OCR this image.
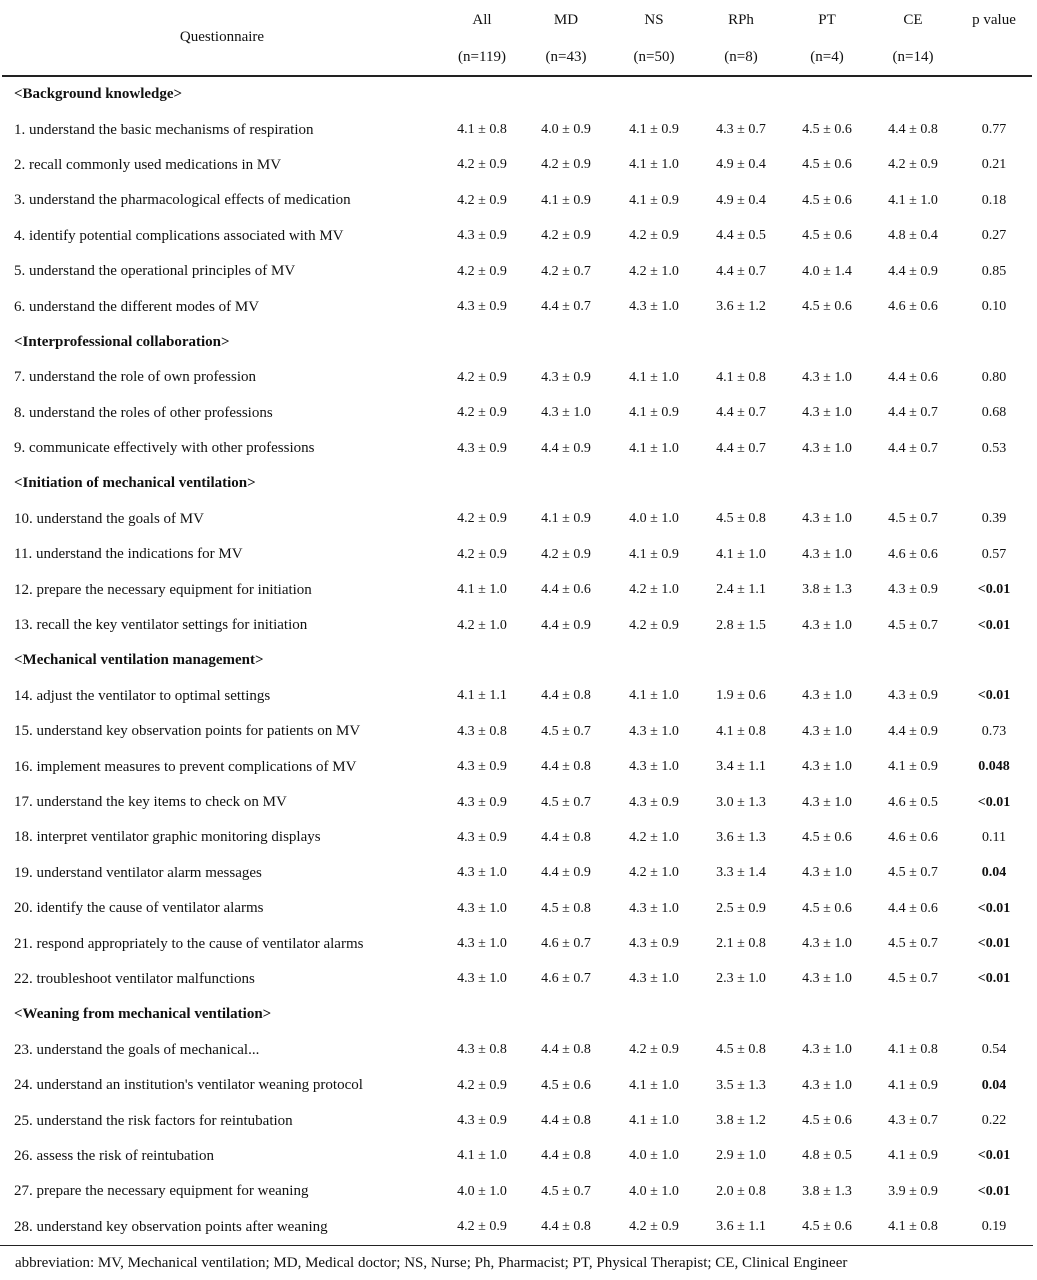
Questionnaire	All	MD	NS	RPh	PT	CE	p value
	(n=119)	(n=43)	(n=50)	(n=8)	(n=4)	(n=14)	
<Background knowledge>							
1. understand the basic mechanisms of respiration	4.1 ± 0.8	4.0 ± 0.9	4.1 ± 0.9	4.3 ± 0.7	4.5 ± 0.6	4.4 ± 0.8	0.77
2. recall commonly used medications in MV	4.2 ± 0.9	4.2 ± 0.9	4.1 ± 1.0	4.9 ± 0.4	4.5 ± 0.6	4.2 ± 0.9	0.21
3. understand the pharmacological effects of medication	4.2 ± 0.9	4.1 ± 0.9	4.1 ± 0.9	4.9 ± 0.4	4.5 ± 0.6	4.1 ± 1.0	0.18
4. identify potential complications associated with MV	4.3 ± 0.9	4.2 ± 0.9	4.2 ± 0.9	4.4 ± 0.5	4.5 ± 0.6	4.8 ± 0.4	0.27
5. understand the operational principles of MV	4.2 ± 0.9	4.2 ± 0.7	4.2 ± 1.0	4.4 ± 0.7	4.0 ± 1.4	4.4 ± 0.9	0.85
6. understand the different modes of MV	4.3 ± 0.9	4.4 ± 0.7	4.3 ± 1.0	3.6 ± 1.2	4.5 ± 0.6	4.6 ± 0.6	0.10
<Interprofessional collaboration>							
7. understand the role of own profession	4.2 ± 0.9	4.3 ± 0.9	4.1 ± 1.0	4.1 ± 0.8	4.3 ± 1.0	4.4 ± 0.6	0.80
8. understand the roles of other professions	4.2 ± 0.9	4.3 ± 1.0	4.1 ± 0.9	4.4 ± 0.7	4.3 ± 1.0	4.4 ± 0.7	0.68
9. communicate effectively with other professions	4.3 ± 0.9	4.4 ± 0.9	4.1 ± 1.0	4.4 ± 0.7	4.3 ± 1.0	4.4 ± 0.7	0.53
<Initiation of mechanical ventilation>							
10. understand the goals of MV	4.2 ± 0.9	4.1 ± 0.9	4.0 ± 1.0	4.5 ± 0.8	4.3 ± 1.0	4.5 ± 0.7	0.39
11. understand the indications for MV	4.2 ± 0.9	4.2 ± 0.9	4.1 ± 0.9	4.1 ± 1.0	4.3 ± 1.0	4.6 ± 0.6	0.57
12. prepare the necessary equipment for initiation	4.1 ± 1.0	4.4 ± 0.6	4.2 ± 1.0	2.4 ± 1.1	3.8 ± 1.3	4.3 ± 0.9	<0.01
13. recall the key ventilator settings for initiation	4.2 ± 1.0	4.4 ± 0.9	4.2 ± 0.9	2.8 ± 1.5	4.3 ± 1.0	4.5 ± 0.7	<0.01
<Mechanical ventilation management>							
14. adjust the ventilator to optimal settings	4.1 ± 1.1	4.4 ± 0.8	4.1 ± 1.0	1.9 ± 0.6	4.3 ± 1.0	4.3 ± 0.9	<0.01
15. understand key observation points for patients on MV	4.3 ± 0.8	4.5 ± 0.7	4.3 ± 1.0	4.1 ± 0.8	4.3 ± 1.0	4.4 ± 0.9	0.73
16. implement measures to prevent complications of MV	4.3 ± 0.9	4.4 ± 0.8	4.3 ± 1.0	3.4 ± 1.1	4.3 ± 1.0	4.1 ± 0.9	0.048
17. understand the key items to check on MV	4.3 ± 0.9	4.5 ± 0.7	4.3 ± 0.9	3.0 ± 1.3	4.3 ± 1.0	4.6 ± 0.5	<0.01
18. interpret ventilator graphic monitoring displays	4.3 ± 0.9	4.4 ± 0.8	4.2 ± 1.0	3.6 ± 1.3	4.5 ± 0.6	4.6 ± 0.6	0.11
19. understand ventilator alarm messages	4.3 ± 1.0	4.4 ± 0.9	4.2 ± 1.0	3.3 ± 1.4	4.3 ± 1.0	4.5 ± 0.7	0.04
20. identify the cause of ventilator alarms	4.3 ± 1.0	4.5 ± 0.8	4.3 ± 1.0	2.5 ± 0.9	4.5 ± 0.6	4.4 ± 0.6	<0.01
21. respond appropriately to the cause of ventilator alarms	4.3 ± 1.0	4.6 ± 0.7	4.3 ± 0.9	2.1 ± 0.8	4.3 ± 1.0	4.5 ± 0.7	<0.01
22. troubleshoot ventilator malfunctions	4.3 ± 1.0	4.6 ± 0.7	4.3 ± 1.0	2.3 ± 1.0	4.3 ± 1.0	4.5 ± 0.7	<0.01
<Weaning from mechanical ventilation>							
23. understand the goals of mechanical...	4.3 ± 0.8	4.4 ± 0.8	4.2 ± 0.9	4.5 ± 0.8	4.3 ± 1.0	4.1 ± 0.8	0.54
24. understand an institution's ventilator weaning protocol	4.2 ± 0.9	4.5 ± 0.6	4.1 ± 1.0	3.5 ± 1.3	4.3 ± 1.0	4.1 ± 0.9	0.04
25. understand the risk factors for reintubation	4.3 ± 0.9	4.4 ± 0.8	4.1 ± 1.0	3.8 ± 1.2	4.5 ± 0.6	4.3 ± 0.7	0.22
26. assess the risk of reintubation	4.1 ± 1.0	4.4 ± 0.8	4.0 ± 1.0	2.9 ± 1.0	4.8 ± 0.5	4.1 ± 0.9	<0.01
27. prepare the necessary equipment for weaning	4.0 ± 1.0	4.5 ± 0.7	4.0 ± 1.0	2.0 ± 0.8	3.8 ± 1.3	3.9 ± 0.9	<0.01
28. understand key observation points after weaning	4.2 ± 0.9	4.4 ± 0.8	4.2 ± 0.9	3.6 ± 1.1	4.5 ± 0.6	4.1 ± 0.8	0.19
abbreviation: MV, Mechanical ventilation; MD, Medical doctor; NS, Nurse; Ph, Pharmacist; PT, Physical Therapist; CE, Clinical Engineer
